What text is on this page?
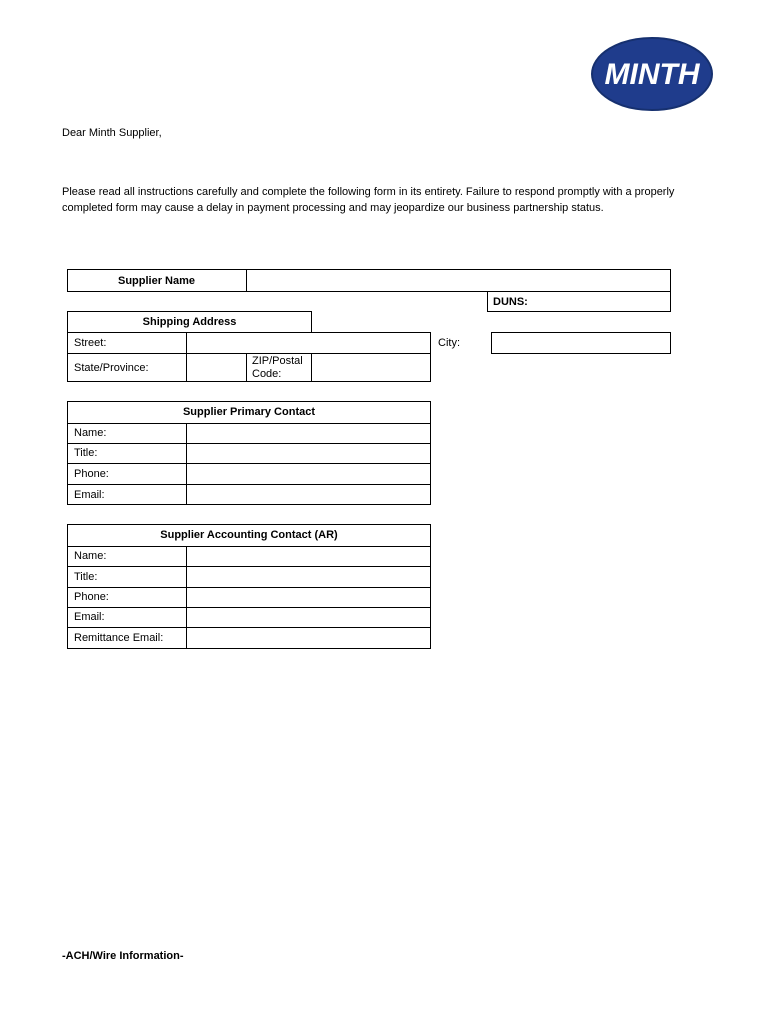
MINTH
Dear Minth Supplier,
Please read all instructions carefully and complete the following form in its entirety. Failure to respond promptly with a properly completed form may cause a delay in payment processing and may jeopardize our business partnership status.
Supplier Name
DUNS:
Shipping Address
Street:	City:
State/Province:
ZIP/Postal Code:
Supplier Primary Contact
Name:
Title:
Phone:
Email:
Supplier Accounting Contact (AR)
Name:
Title:
Phone:
Email:
Remittance Email:
-ACH/Wire Information-
